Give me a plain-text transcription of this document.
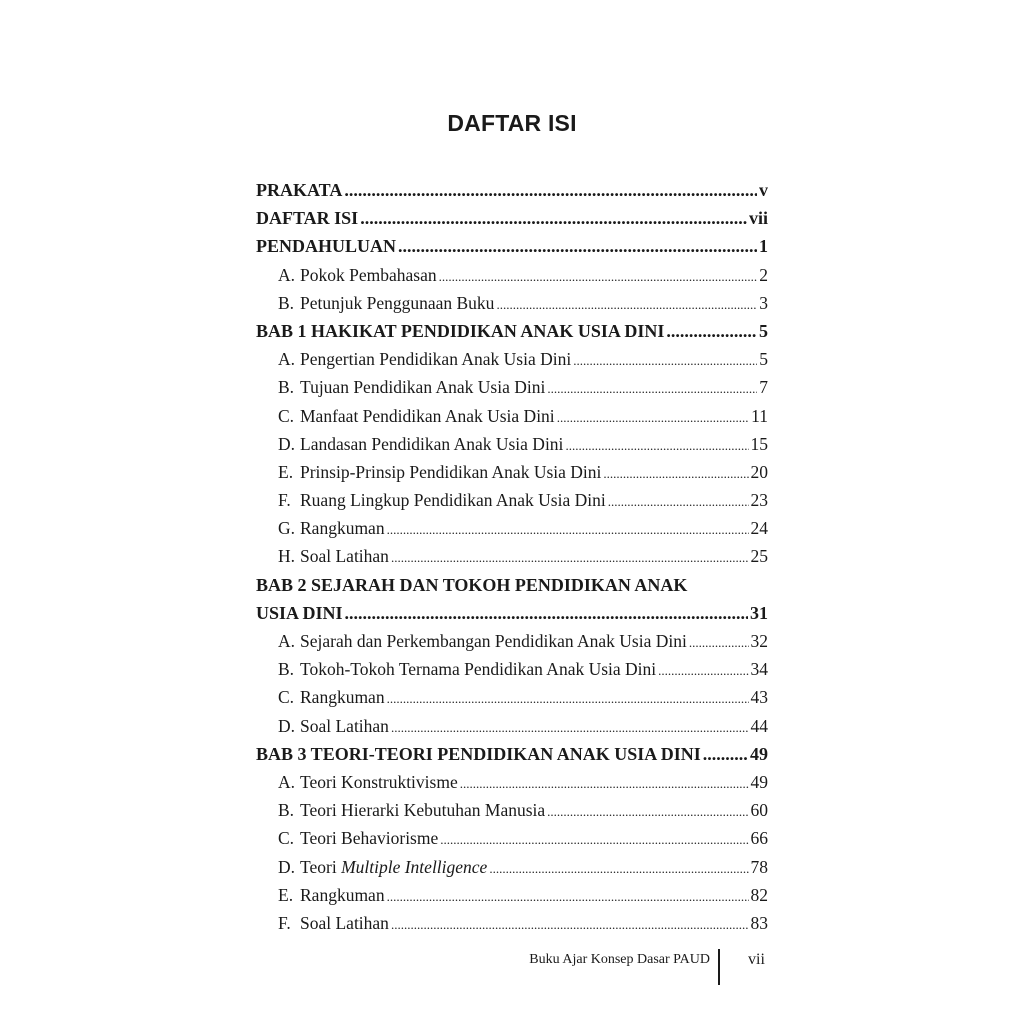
DAFTAR ISI
PRAKATA .....	v
DAFTAR ISI .....	vii
PENDAHULUAN .....	1
A. Pokok Pembahasan .....	2
B. Petunjuk Penggunaan Buku .....	3
BAB 1 HAKIKAT PENDIDIKAN ANAK USIA DINI .....	5
A. Pengertian Pendidikan Anak Usia Dini .....	5
B. Tujuan Pendidikan Anak Usia Dini .....	7
C. Manfaat Pendidikan Anak Usia Dini .....	11
D. Landasan Pendidikan Anak Usia Dini .....	15
E. Prinsip-Prinsip Pendidikan Anak Usia Dini .....	20
F. Ruang Lingkup Pendidikan Anak Usia Dini .....	23
G. Rangkuman .....	24
H. Soal Latihan .....	25
BAB 2 SEJARAH DAN TOKOH PENDIDIKAN ANAK
USIA DINI .....	31
A. Sejarah dan Perkembangan Pendidikan Anak Usia Dini .....	32
B. Tokoh-Tokoh Ternama Pendidikan Anak Usia Dini .....	34
C. Rangkuman .....	43
D. Soal Latihan .....	44
BAB 3 TEORI-TEORI PENDIDIKAN ANAK USIA DINI .....	49
A. Teori Konstruktivisme .....	49
B. Teori Hierarki Kebutuhan Manusia .....	60
C. Teori Behaviorisme .....	66
D. Teori Multiple Intelligence .....	78
E. Rangkuman .....	82
F. Soal Latihan .....	83
Buku Ajar Konsep Dasar PAUD vii
